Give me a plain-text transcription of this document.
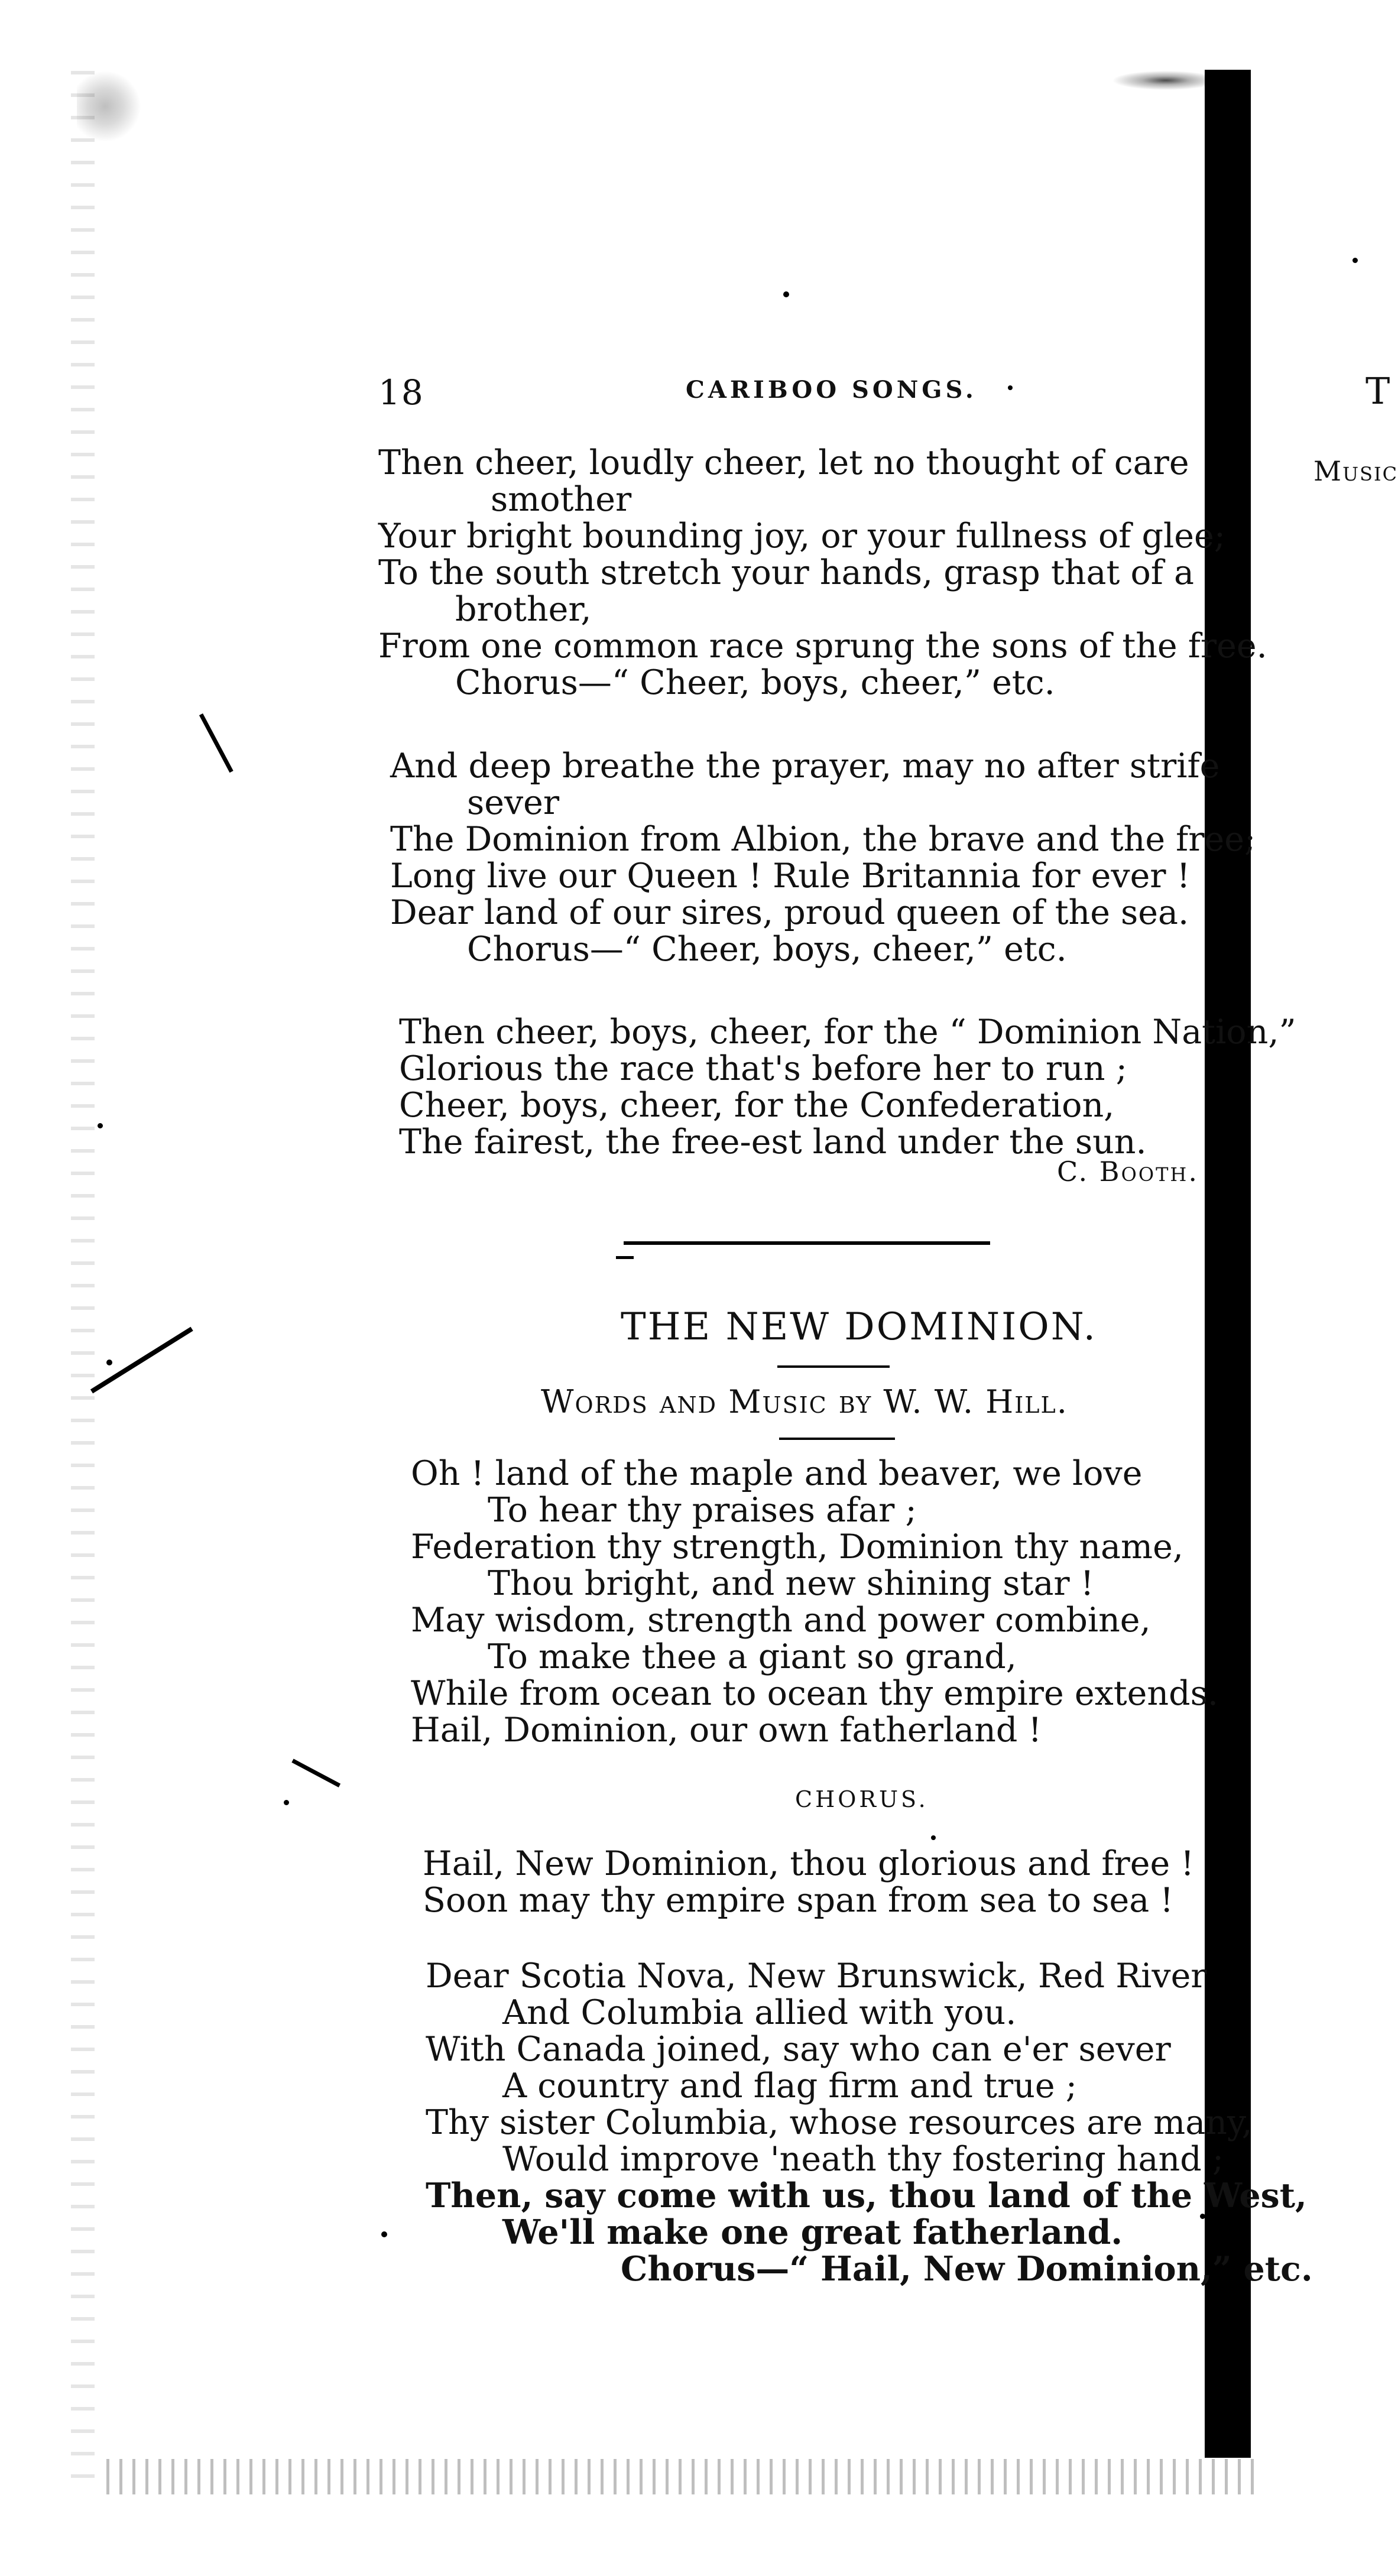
18	CARIBOO SONGS.	T
Music
Then cheer, loudly cheer, let no thought of care
smother
Your bright bounding joy, or your fullness of glee;
To the south stretch your hands, grasp that of a
brother,
From one common race sprung the sons of the free.
Chorus—“ Cheer, boys, cheer,” etc.
And deep breathe the prayer, may no after strife
sever
The Dominion from Albion, the brave and the free;
Long live our Queen ! Rule Britannia for ever !
Dear land of our sires, proud queen of the sea.
Chorus—“ Cheer, boys, cheer,” etc.
Then cheer, boys, cheer, for the “ Dominion Nation,”
Glorious the race that's before her to run ;
Cheer, boys, cheer, for the Confederation,
The fairest, the free-est land under the sun.
C. Booth.
THE NEW DOMINION.
Words and Music by W. W. Hill.
Oh ! land of the maple and beaver, we love
To hear thy praises afar ;
Federation thy strength, Dominion thy name,
Thou bright, and new shining star !
May wisdom, strength and power combine,
To make thee a giant so grand,
While from ocean to ocean thy empire extends.
Hail, Dominion, our own fatherland !
CHORUS.
Hail, New Dominion, thou glorious and free !
Soon may thy empire span from sea to sea !
Dear Scotia Nova, New Brunswick, Red River
And Columbia allied with you.
With Canada joined, say who can e'er sever
A country and flag firm and true ;
Thy sister Columbia, whose resources are many,
Would improve 'neath thy fostering hand ;
Then, say come with us, thou land of the West,
We'll make one great fatherland.
Chorus—“ Hail, New Dominion,” etc.
